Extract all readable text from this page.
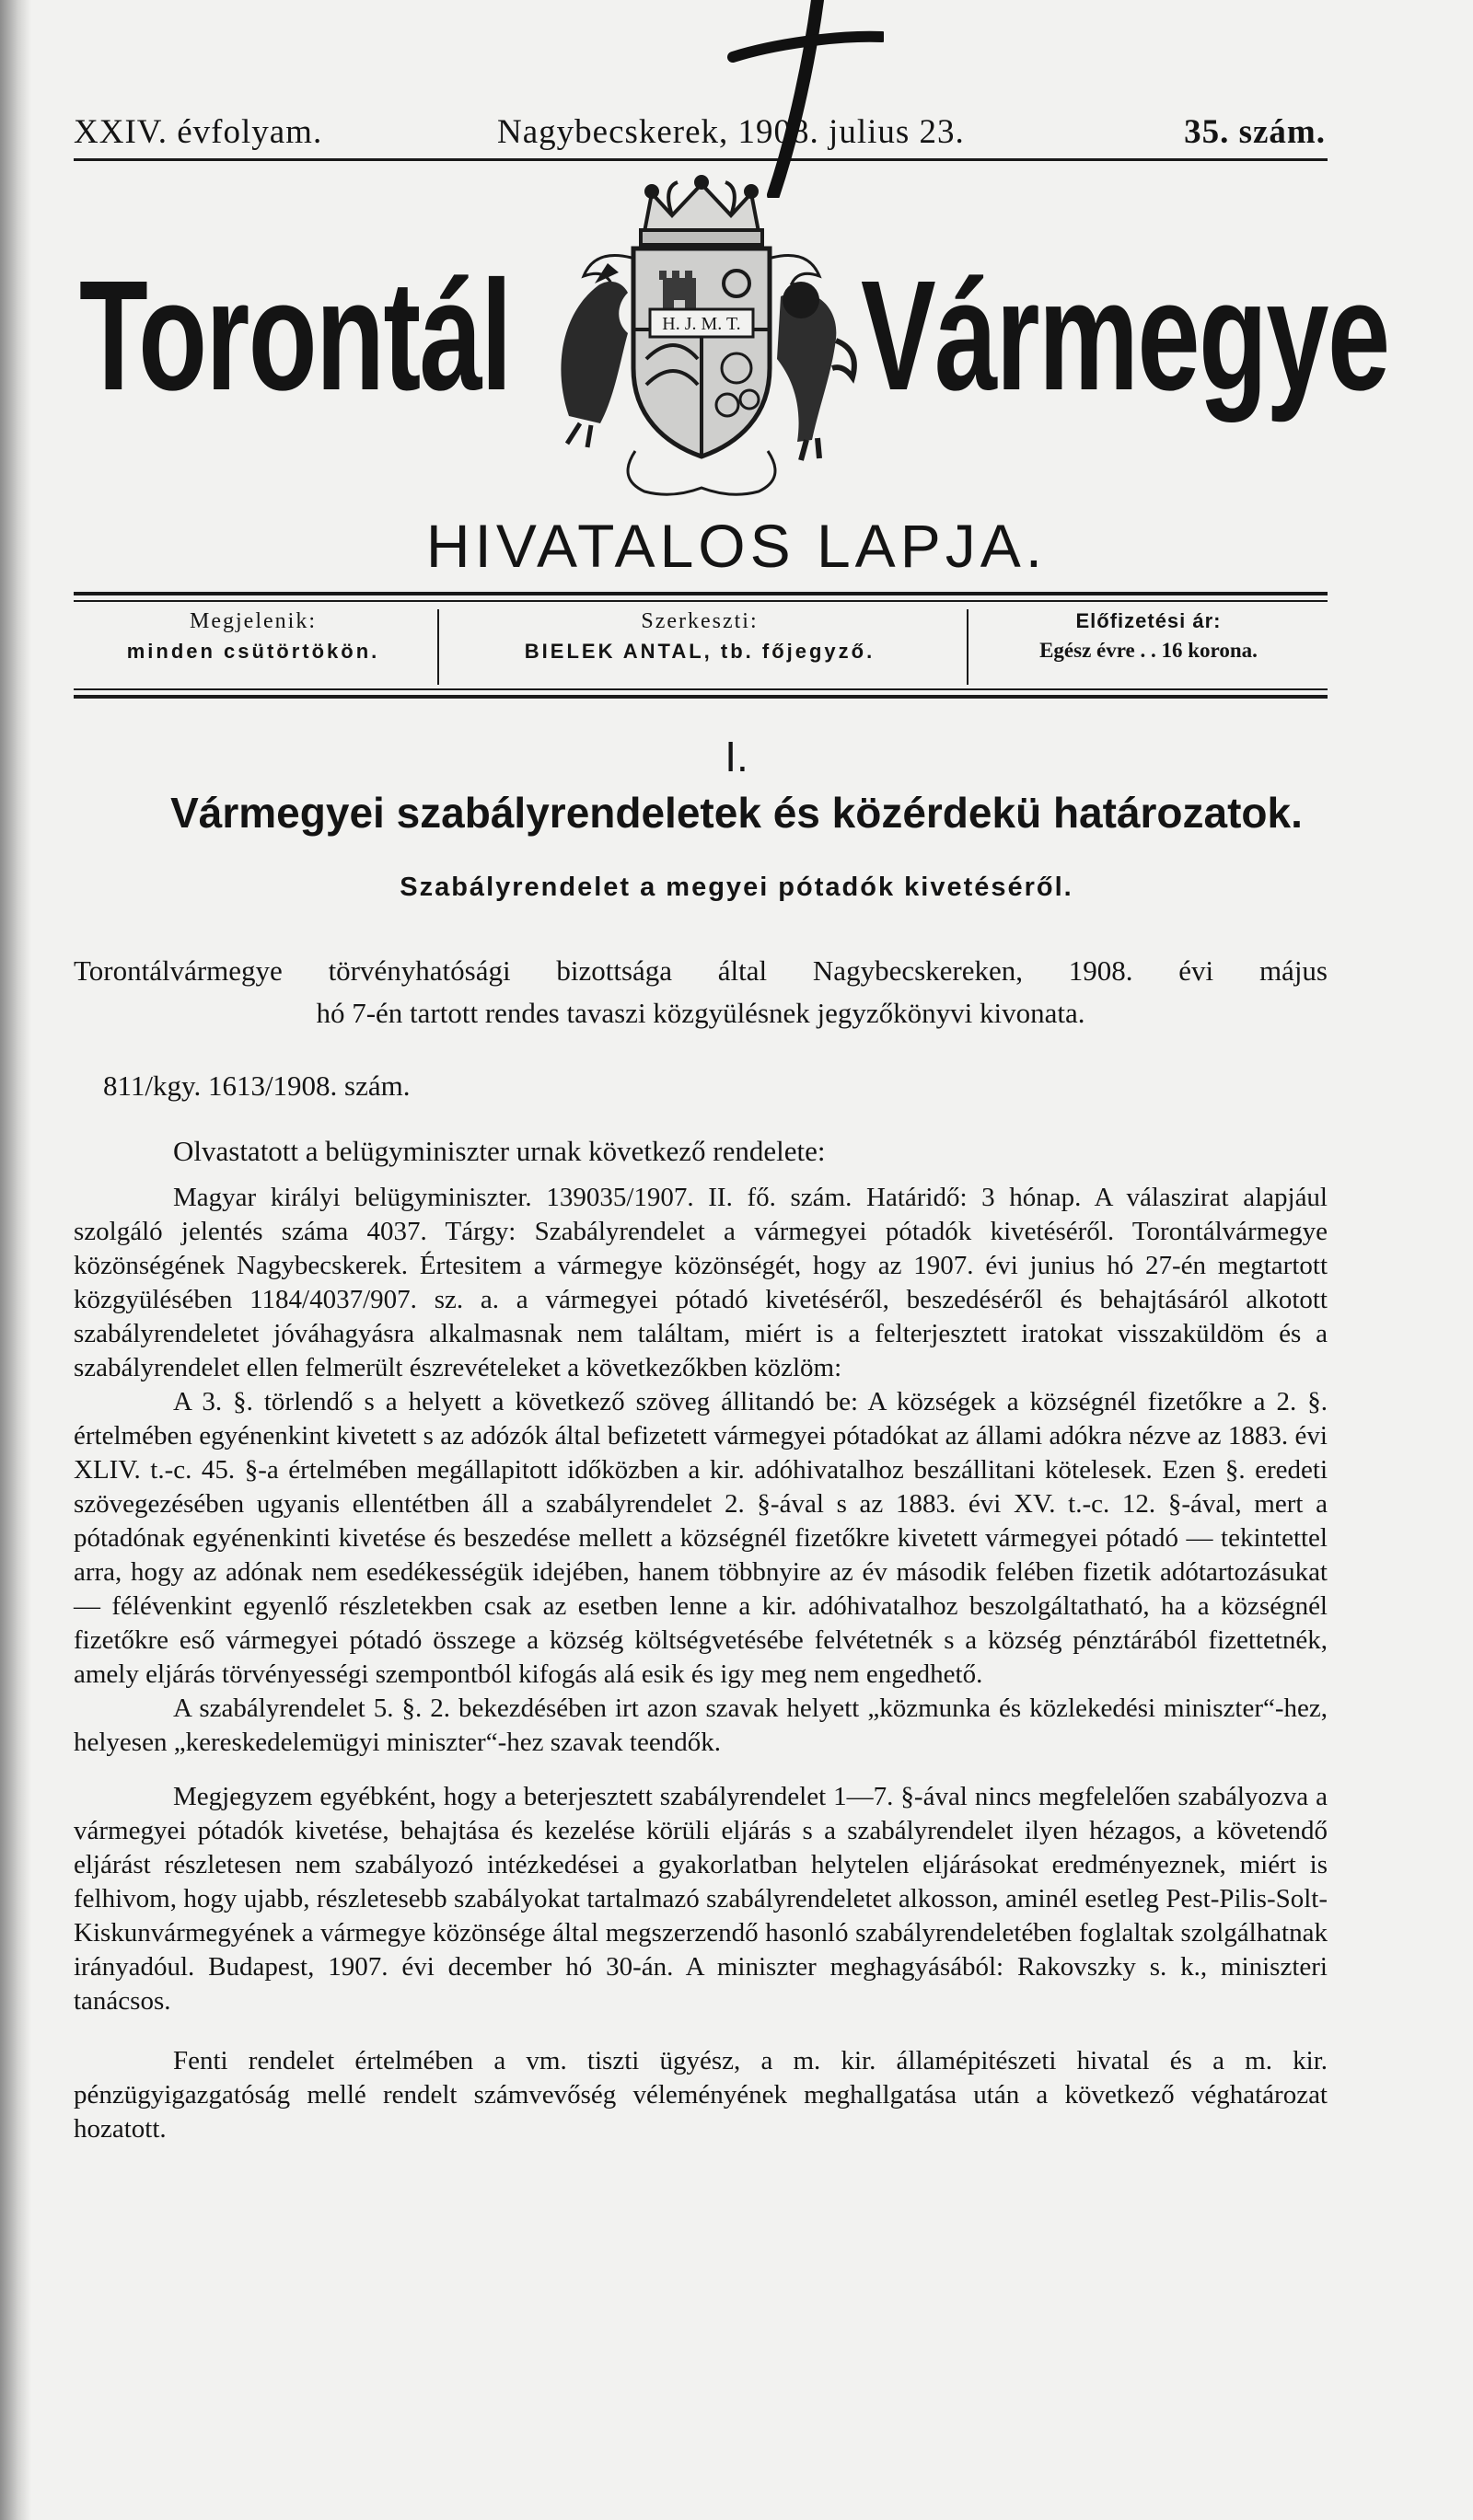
XXIV. évfolyam.	Nagybecskerek, 1908. julius 23.	35. szám.
Torontál Vármegye
H. J. M. T.
HIVATALOS LAPJA.
Megjelenik:
minden csütörtökön.
Szerkeszti:
BIELEK ANTAL, tb. főjegyző.
Előfizetési ár:
Egész évre . . 16 korona.
I.
Vármegyei szabályrendeletek és közérdekü határozatok.
Szabályrendelet a megyei pótadók kivetéséről.
Torontálvármegye törvényhatósági bizottsága által Nagybecskereken, 1908. évi május
hó 7-én tartott rendes tavaszi közgyülésnek jegyzőkönyvi kivonata.
811/kgy. 1613/1908. szám.
Olvastatott a belügyminiszter urnak következő rendelete:

Magyar királyi belügyminiszter. 139035/1907. II. fő. szám. Határidő: 3 hónap. A válaszirat alapjául szolgáló jelentés száma 4037. Tárgy: Szabályrendelet a vármegyei pótadók kivetéséről. Torontálvármegye közönségének Nagybecskerek. Értesitem a vármegye közönségét, hogy az 1907. évi junius hó 27-én megtartott közgyülésében 1184/4037/907. sz. a. a vármegyei pótadó kivetéséről, beszedéséről és behajtásáról alkotott szabályrendeletet jóváhagyásra alkalmasnak nem találtam, miért is a felterjesztett iratokat visszaküldöm és a szabályrendelet ellen felmerült észrevételeket a következőkben közlöm:

A 3. §. törlendő s a helyett a következő szöveg állitandó be: A községek a községnél fizetőkre a 2. §. értelmében egyénenkint kivetett s az adózók által befizetett vármegyei pótadókat az állami adókra nézve az 1883. évi XLIV. t.-c. 45. §-a értelmében megállapitott időközben a kir. adóhivatalhoz beszállitani kötelesek. Ezen §. eredeti szövegezésében ugyanis ellentétben áll a szabályrendelet 2. §-ával s az 1883. évi XV. t.-c. 12. §-ával, mert a pótadónak egyénenkinti kivetése és beszedése mellett a községnél fizetőkre kivetett vármegyei pótadó — tekintettel arra, hogy az adónak nem esedékességük idejében, hanem többnyire az év második felében fizetik adótartozásukat — félévenkint egyenlő részletekben csak az esetben lenne a kir. adóhivatalhoz beszolgáltatható, ha a községnél fizetőkre eső vármegyei pótadó összege a község költségvetésébe felvétetnék s a község pénztárából fizettetnék, amely eljárás törvényességi szempontból kifogás alá esik és igy meg nem engedhető.

A szabályrendelet 5. §. 2. bekezdésében irt azon szavak helyett „közmunka és közlekedési miniszter“-hez, helyesen „kereskedelemügyi miniszter“-hez szavak teendők.

Megjegyzem egyébként, hogy a beterjesztett szabályrendelet 1—7. §-ával nincs megfelelően szabályozva a vármegyei pótadók kivetése, behajtása és kezelése körüli eljárás s a szabályrendelet ilyen hézagos, a követendő eljárást részletesen nem szabályozó intézkedései a gyakorlatban helytelen eljárásokat eredményeznek, miért is felhivom, hogy ujabb, részletesebb szabályokat tartalmazó szabályrendeletet alkosson, aminél esetleg Pest-Pilis-Solt-Kiskunvármegyének a vármegye közönsége által megszerzendő hasonló szabályrendeletében foglaltak szolgálhatnak irányadóul. Budapest, 1907. évi december hó 30-án. A miniszter meghagyásából: Rakovszky s. k., miniszteri tanácsos.

Fenti rendelet értelmében a vm. tiszti ügyész, a m. kir. államépitészeti hivatal és a m. kir. pénzügyigazgatóság mellé rendelt számvevőség véleményének meghallgatása után a következő véghatározat hozatott.
